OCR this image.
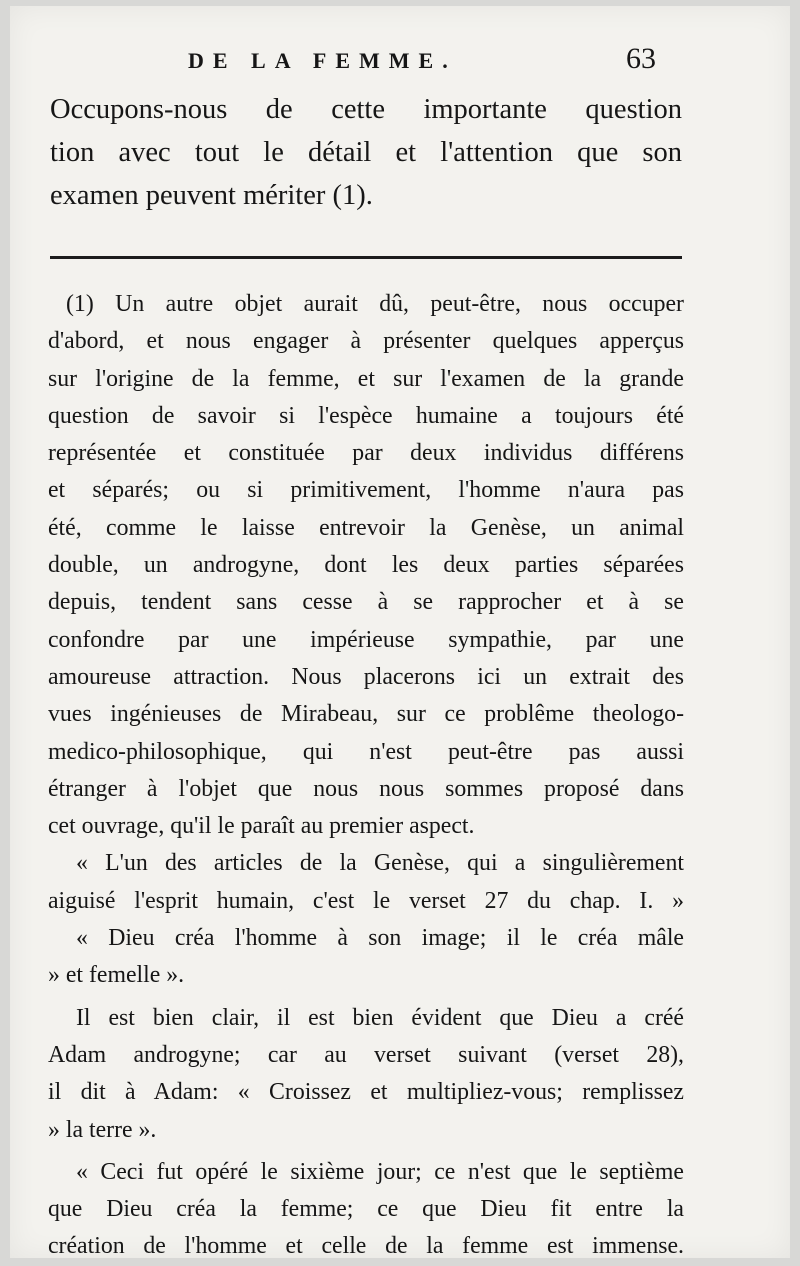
DE LA FEMME.	63
Occupons-nous de cette importante question
tion avec tout le détail et l'attention que son
examen peuvent mériter (1).
(1) Un autre objet aurait dû, peut-être, nous occuper
d'abord, et nous engager à présenter quelques apperçus
sur l'origine de la femme, et sur l'examen de la grande
question de savoir si l'espèce humaine a toujours été
représentée et constituée par deux individus différens
et séparés; ou si primitivement, l'homme n'aura pas
été, comme le laisse entrevoir la Genèse, un animal
double, un androgyne, dont les deux parties séparées
depuis, tendent sans cesse à se rapprocher et à se
confondre par une impérieuse sympathie, par une
amoureuse attraction. Nous placerons ici un extrait des
vues ingénieuses de Mirabeau, sur ce problême theologo-
medico-philosophique, qui n'est peut-être pas aussi
étranger à l'objet que nous nous sommes proposé dans
cet ouvrage, qu'il le paraît au premier aspect.
« L'un des articles de la Genèse, qui a singulièrement
aiguisé l'esprit humain, c'est le verset 27 du chap. I. »
« Dieu créa l'homme à son image; il le créa mâle
» et femelle ».
Il est bien clair, il est bien évident que Dieu a créé
Adam androgyne; car au verset suivant (verset 28),
il dit à Adam: « Croissez et multipliez-vous; remplissez
» la terre ».
« Ceci fut opéré le sixième jour; ce n'est que le septième
que Dieu créa la femme; ce que Dieu fit entre la
création de l'homme et celle de la femme est immense.
